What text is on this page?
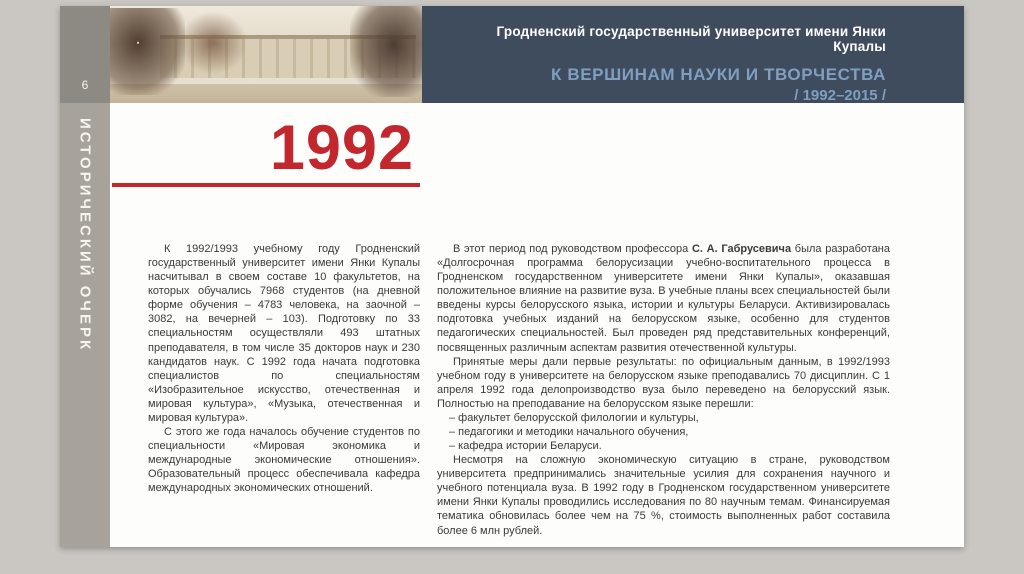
6
ИСТОРИЧЕСКИЙ ОЧЕРК
Гродненский государственный университет имени Янки Купалы
К ВЕРШИНАМ НАУКИ И ТВОРЧЕСТВА
/ 1992–2015 /
1992

К 1992/1993 учебному году Гродненский государственный университет имени Янки Купалы насчитывал в своем составе 10 факультетов, на которых обучались 7968 студентов (на дневной форме обучения – 4783 человека, на заочной – 3082, на вечерней – 103). Подготовку по 33 специальностям осуществляли 493 штатных преподавателя, в том числе 35 докторов наук и 230 кандидатов наук. С 1992 года начата подготовка специалистов по специальностям «Изобразительное искусство, отечественная и мировая культура», «Музыка, отечественная и мировая культура».

С этого же года началось обучение студентов по специальности «Мировая экономика и международные экономические отношения». Образовательный процесс обеспечивала кафедра международных экономических отношений.

В этот период под руководством профессора С. А. Габрусевича была разработана «Долгосрочная программа белорусизации учебно-воспитательного процесса в Гродненском государственном университете имени Янки Купалы», оказавшая положительное влияние на развитие вуза. В учебные планы всех специальностей были введены курсы белорусского языка, истории и культуры Беларуси. Активизировалась подготовка учебных изданий на белорусском языке, особенно для студентов педагогических специальностей. Был проведен ряд представительных конференций, посвященных различным аспектам развития отечественной культуры.

Принятые меры дали первые результаты: по официальным данным, в 1992/1993 учебном году в университете на белорусском языке преподавались 70 дисциплин. С 1 апреля 1992 года делопроизводство вуза было переведено на белорусский язык. Полностью на преподавание на белорусском языке перешли:

– факультет белорусской филологии и культуры,
– педагогики и методики начального обучения,
– кафедра истории Беларуси.

Несмотря на сложную экономическую ситуацию в стране, руководством университета предпринимались значительные усилия для сохранения научного и учебного потенциала вуза. В 1992 году в Гродненском государственном университете имени Янки Купалы проводились исследования по 80 научным темам. Финансируемая тематика обновилась более чем на 75 %, стоимость выполненных работ составила более 6 млн рублей.
